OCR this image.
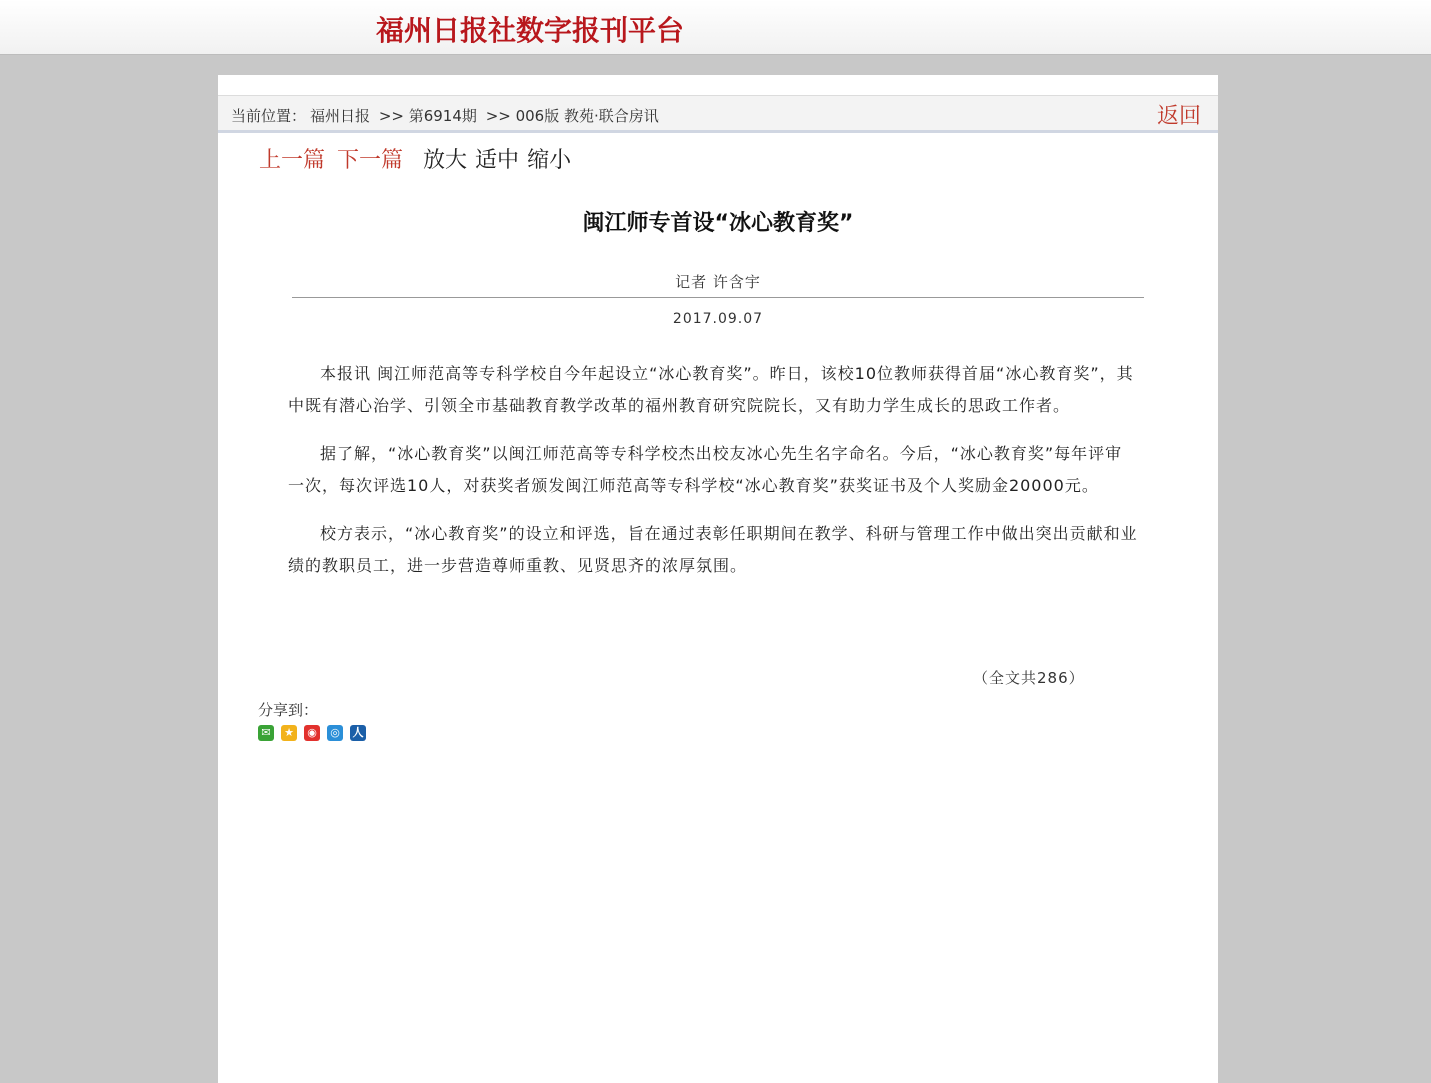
福州日报社数字报刊平台
当前位置： 福州日报 >> 第6914期 >> 006版 教苑·联合房讯	返回
上一篇 下一篇 放大 适中 缩小
闽江师专首设“冰心教育奖”
记者 许含宇
2017.09.07

本报讯 闽江师范高等专科学校自今年起设立“冰心教育奖”。昨日，该校10位教师获得首届“冰心教育奖”，其中既有潜心治学、引领全市基础教育教学改革的福州教育研究院院长，又有助力学生成长的思政工作者。

据了解，“冰心教育奖”以闽江师范高等专科学校杰出校友冰心先生名字命名。今后，“冰心教育奖”每年评审一次，每次评选10人，对获奖者颁发闽江师范高等专科学校“冰心教育奖”获奖证书及个人奖励金20000元。

校方表示，“冰心教育奖”的设立和评选，旨在通过表彰任职期间在教学、科研与管理工作中做出突出贡献和业绩的教职员工，进一步营造尊师重教、见贤思齐的浓厚氛围。

（全文共286）
分享到：
✉	★ ◉ ◎ 人
